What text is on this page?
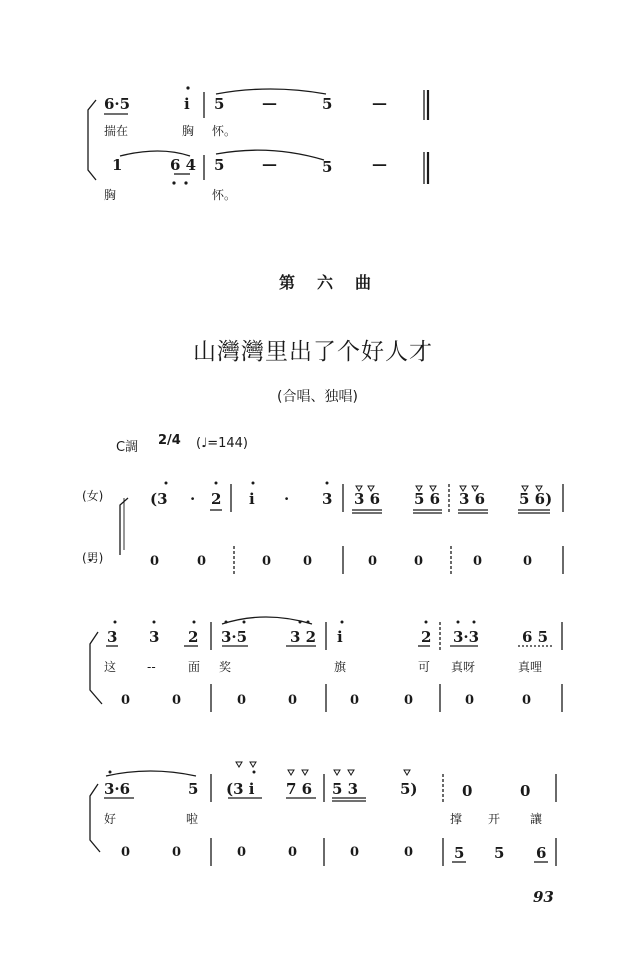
6·5	i 5	—	5	—
揣在	胸 怀。
1	6 4 5	—	5	—
胸	怀。
第六曲
山灣灣里出了个好人才
(合唱、独唱)
C調 2/4 (♩=144)
(女)
(男)
(3 · 2 i · 3 3 6 5 6 3 6 5 6)
0	0	0 0	0	0	0	0
3 3 2 3·5	3 2 i	2 3·3	6 5
这	--	面 奖	旗	可 真呀	真哩
0	0	0	0	0	0	0	0
3·6	5 (3 i 7 6 5 3	5)	0	0
好	啦	撑 开 讓
0	0	0	0	0	0	5 5 6
93
